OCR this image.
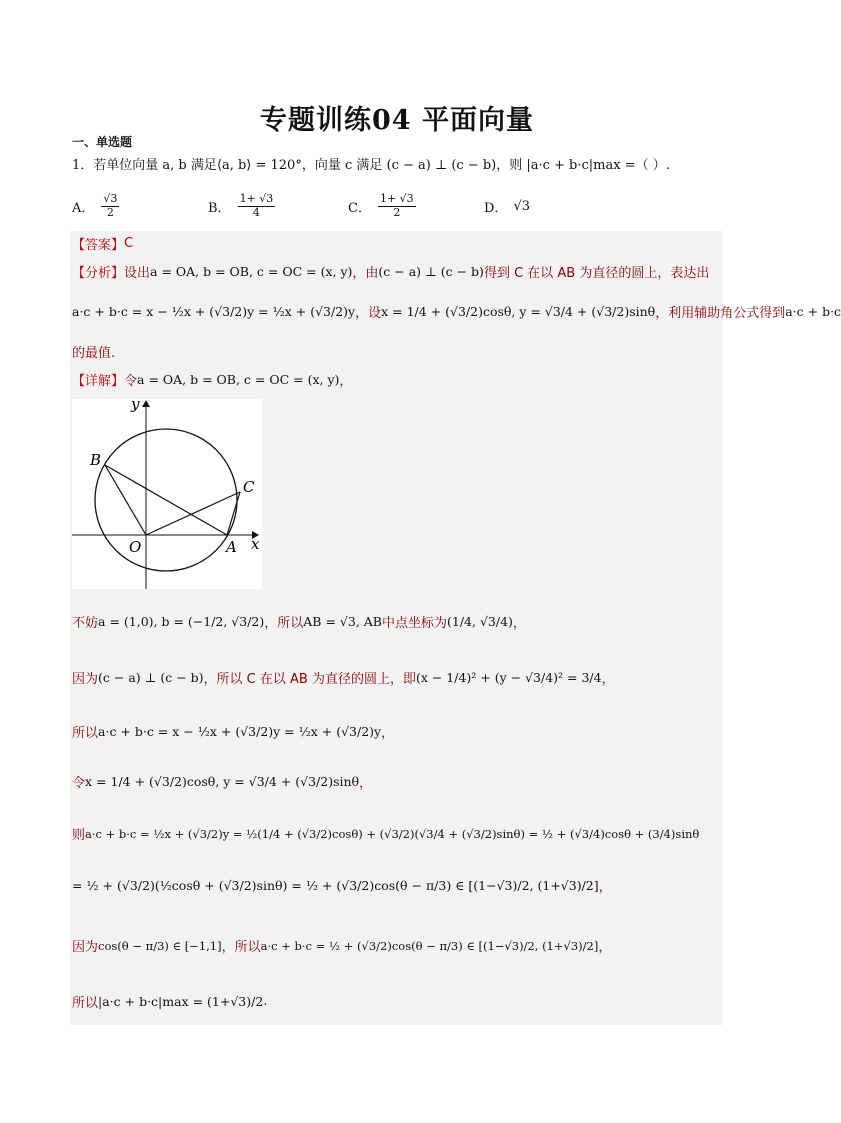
专题训练04 平面向量
一、单选题
1．若单位向量 a, b 满足⟨a, b⟩ = 120°，向量 c 满足 (c − a) ⊥ (c − b)，则 |a·c + b·c|max =（ ）.
A． $\frac{√3}{2}$	B． $\frac{1+ √3}{4}$	C． $\frac{1+ √3}{2}$	D． √3
【答案】 C
【分析】 设出 a = OA, b = OB, c = OC = (x, y) ，由 (c − a) ⊥ (c − b) 得到 C 在以 AB 为直径的圆上，表达出
a·c + b·c = x − ½x + (√3/2)y = ½x + (√3/2)y ，设 x = 1/4 + (√3/2)cosθ, y = √3/4 + (√3/2)sinθ ，利用辅助角公式得到 a·c + b·c
的最值.
【详解】 令 a = OA, b = OB, c = OC = (x, y) ，
y
x
B
C
O	A
不妨 a = (1,0), b = (−1/2, √3/2) ，所以 AB = √3, AB 中点坐标为 (1/4, √3/4) ，
因为 (c − a) ⊥ (c − b) ，所以 C 在以 AB 为直径的圆上，即 (x − 1/4)² + (y − √3/4)² = 3/4 ，
所以 a·c + b·c = x − ½x + (√3/2)y = ½x + (√3/2)y ，
令 x = 1/4 + (√3/2)cosθ, y = √3/4 + (√3/2)sinθ ，
则 a·c + b·c = ½x + (√3/2)y = ½(1/4 + (√3/2)cosθ) + (√3/2)(√3/4 + (√3/2)sinθ) = ½ + (√3/4)cosθ + (3/4)sinθ
= ½ + (√3/2)(½cosθ + (√3/2)sinθ) = ½ + (√3/2)cos(θ − π/3) ∈ [(1−√3)/2, (1+√3)/2] ，
因为 cos(θ − π/3) ∈ [−1,1] ，所以 a·c + b·c = ½ + (√3/2)cos(θ − π/3) ∈ [(1−√3)/2, (1+√3)/2] ，
所以 |a·c + b·c|max = (1+√3)/2 .
